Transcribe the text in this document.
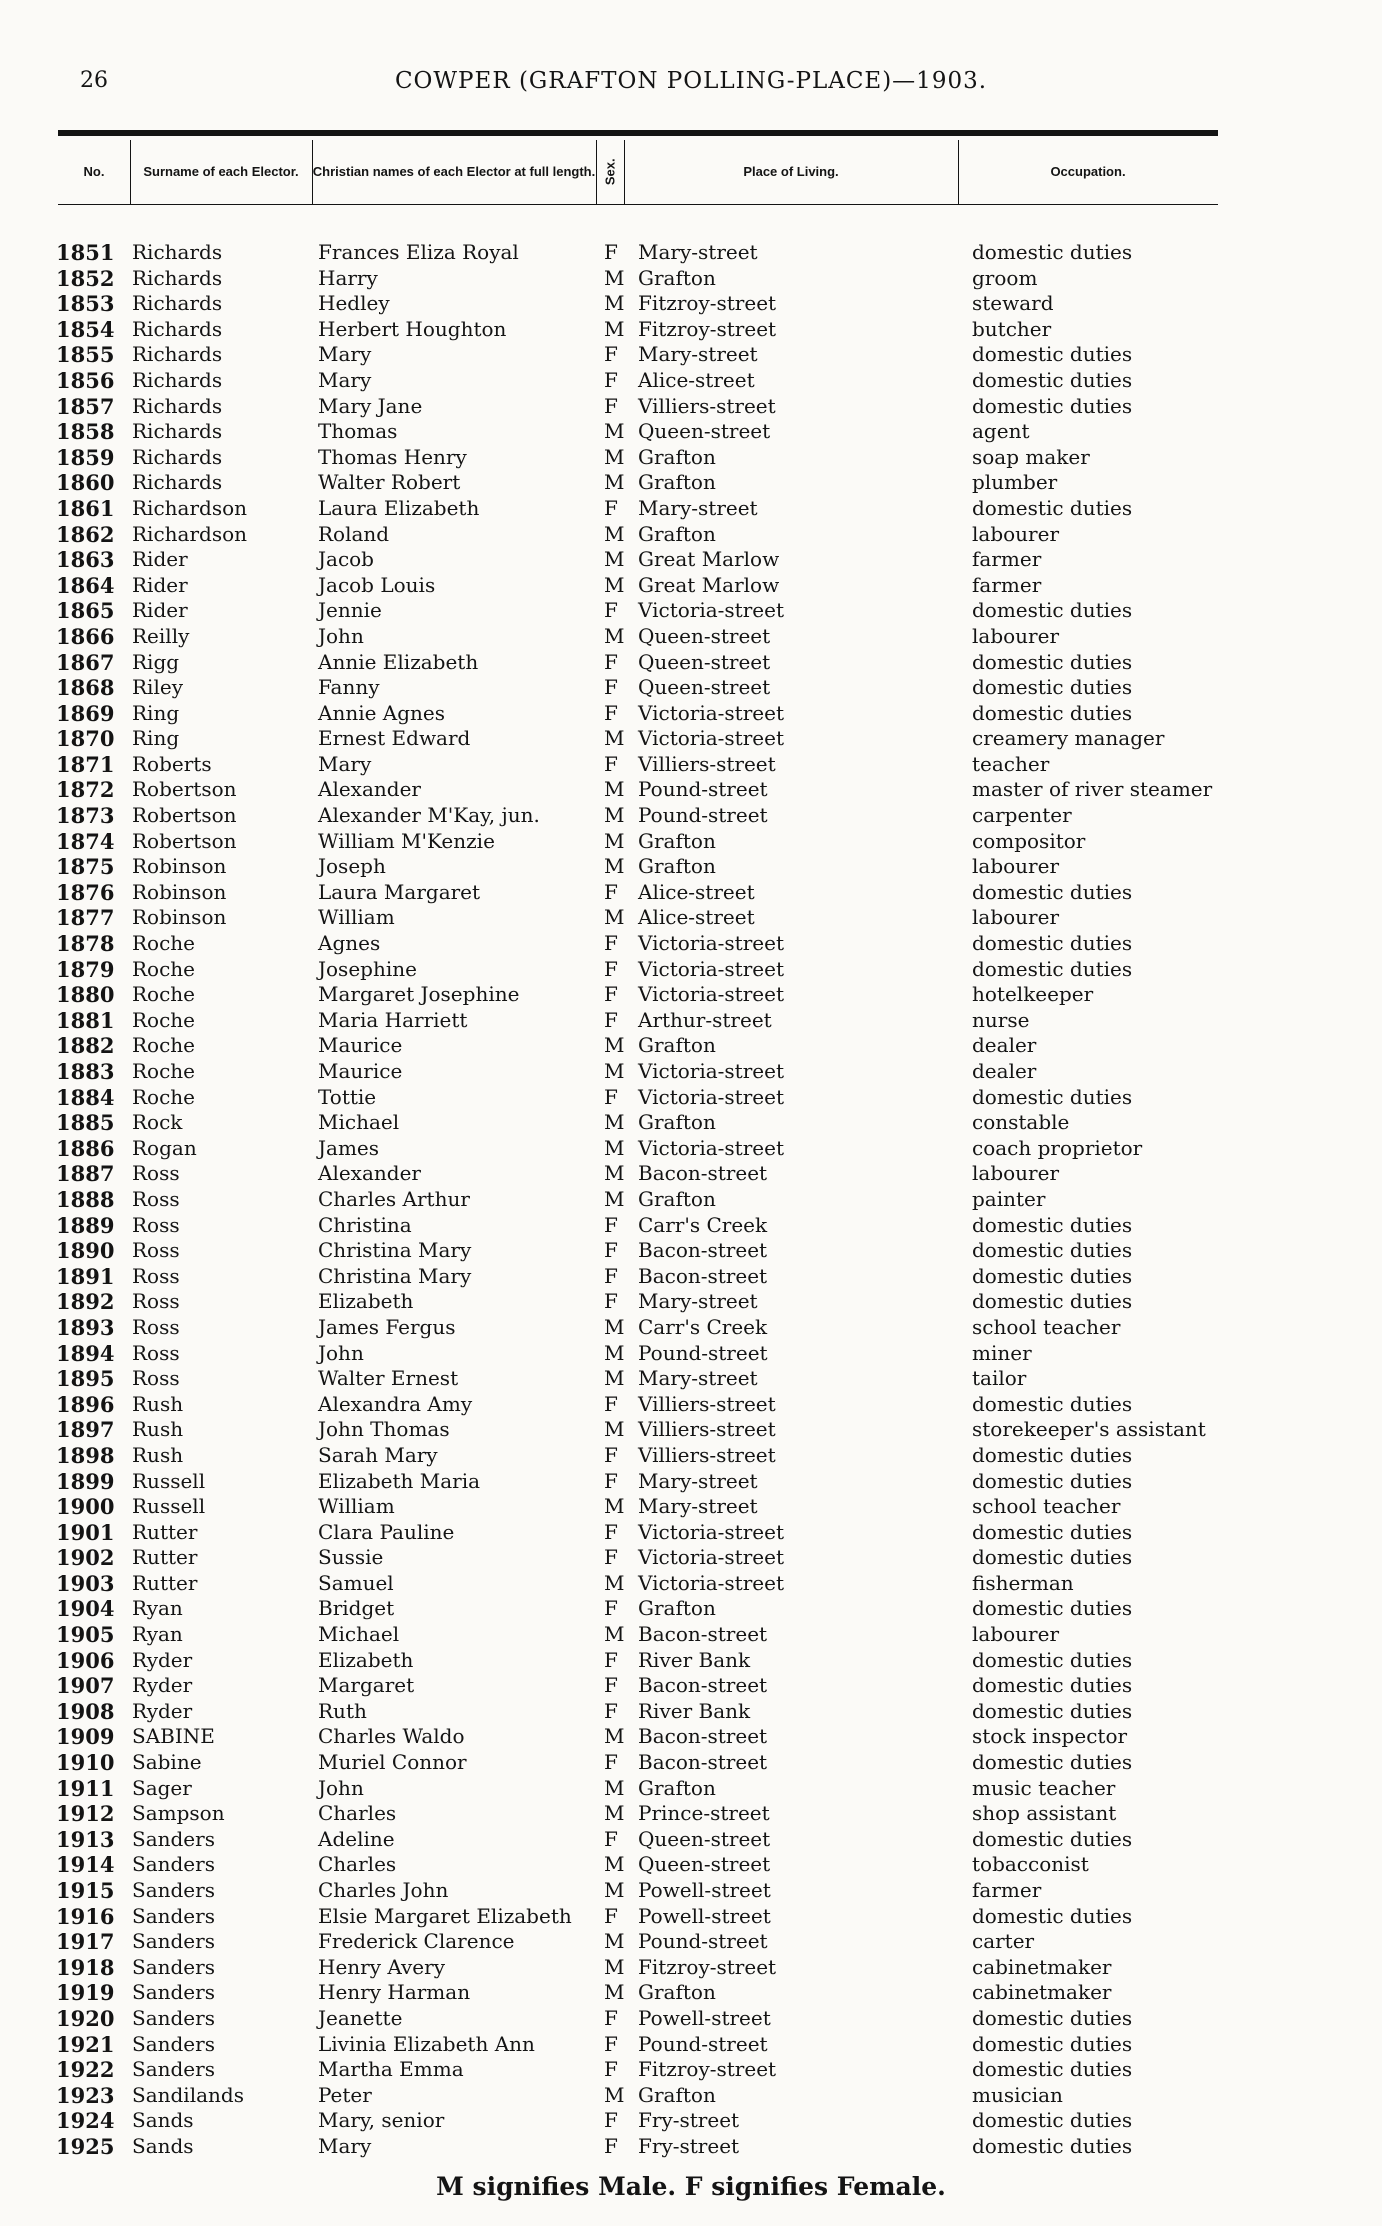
26	COWPER (GRAFTON POLLING-PLACE)—1903.
No.	Surname of each Elector.	Christian names of each Elector at full length. Sex.	Place of Living.	Occupation.
1851 Richards	Frances Eliza Royal	F Mary-street	domestic duties
1852 Richards	Harry	M Grafton	groom
1853 Richards	Hedley	M Fitzroy-street	steward
1854 Richards	Herbert Houghton	M Fitzroy-street	butcher
1855 Richards	Mary	F Mary-street	domestic duties
1856 Richards	Mary	F Alice-street	domestic duties
1857 Richards	Mary Jane	F Villiers-street	domestic duties
1858 Richards	Thomas	M Queen-street	agent
1859 Richards	Thomas Henry	M Grafton	soap maker
1860 Richards	Walter Robert	M Grafton	plumber
1861 Richardson	Laura Elizabeth	F Mary-street	domestic duties
1862 Richardson	Roland	M Grafton	labourer
1863 Rider	Jacob	M Great Marlow	farmer
1864 Rider	Jacob Louis	M Great Marlow	farmer
1865 Rider	Jennie	F Victoria-street	domestic duties
1866 Reilly	John	M Queen-street	labourer
1867 Rigg	Annie Elizabeth	F Queen-street	domestic duties
1868 Riley	Fanny	F Queen-street	domestic duties
1869 Ring	Annie Agnes	F Victoria-street	domestic duties
1870 Ring	Ernest Edward	M Victoria-street	creamery manager
1871 Roberts	Mary	F Villiers-street	teacher
1872 Robertson	Alexander	M Pound-street	master of river steamer
1873 Robertson	Alexander M'Kay, jun.	M Pound-street	carpenter
1874 Robertson	William M'Kenzie	M Grafton	compositor
1875 Robinson	Joseph	M Grafton	labourer
1876 Robinson	Laura Margaret	F Alice-street	domestic duties
1877 Robinson	William	M Alice-street	labourer
1878 Roche	Agnes	F Victoria-street	domestic duties
1879 Roche	Josephine	F Victoria-street	domestic duties
1880 Roche	Margaret Josephine	F Victoria-street	hotelkeeper
1881 Roche	Maria Harriett	F Arthur-street	nurse
1882 Roche	Maurice	M Grafton	dealer
1883 Roche	Maurice	M Victoria-street	dealer
1884 Roche	Tottie	F Victoria-street	domestic duties
1885 Rock	Michael	M Grafton	constable
1886 Rogan	James	M Victoria-street	coach proprietor
1887 Ross	Alexander	M Bacon-street	labourer
1888 Ross	Charles Arthur	M Grafton	painter
1889 Ross	Christina	F Carr's Creek	domestic duties
1890 Ross	Christina Mary	F Bacon-street	domestic duties
1891 Ross	Christina Mary	F Bacon-street	domestic duties
1892 Ross	Elizabeth	F Mary-street	domestic duties
1893 Ross	James Fergus	M Carr's Creek	school teacher
1894 Ross	John	M Pound-street	miner
1895 Ross	Walter Ernest	M Mary-street	tailor
1896 Rush	Alexandra Amy	F Villiers-street	domestic duties
1897 Rush	John Thomas	M Villiers-street	storekeeper's assistant
1898 Rush	Sarah Mary	F Villiers-street	domestic duties
1899 Russell	Elizabeth Maria	F Mary-street	domestic duties
1900 Russell	William	M Mary-street	school teacher
1901 Rutter	Clara Pauline	F Victoria-street	domestic duties
1902 Rutter	Sussie	F Victoria-street	domestic duties
1903 Rutter	Samuel	M Victoria-street	fisherman
1904 Ryan	Bridget	F Grafton	domestic duties
1905 Ryan	Michael	M Bacon-street	labourer
1906 Ryder	Elizabeth	F River Bank	domestic duties
1907 Ryder	Margaret	F Bacon-street	domestic duties
1908 Ryder	Ruth	F River Bank	domestic duties
1909 SABINE	Charles Waldo	M Bacon-street	stock inspector
1910 Sabine	Muriel Connor	F Bacon-street	domestic duties
1911 Sager	John	M Grafton	music teacher
1912 Sampson	Charles	M Prince-street	shop assistant
1913 Sanders	Adeline	F Queen-street	domestic duties
1914 Sanders	Charles	M Queen-street	tobacconist
1915 Sanders	Charles John	M Powell-street	farmer
1916 Sanders	Elsie Margaret Elizabeth F Powell-street	domestic duties
1917 Sanders	Frederick Clarence	M Pound-street	carter
1918 Sanders	Henry Avery	M Fitzroy-street	cabinetmaker
1919 Sanders	Henry Harman	M Grafton	cabinetmaker
1920 Sanders	Jeanette	F Powell-street	domestic duties
1921 Sanders	Livinia Elizabeth Ann	F Pound-street	domestic duties
1922 Sanders	Martha Emma	F Fitzroy-street	domestic duties
1923 Sandilands	Peter	M Grafton	musician
1924 Sands	Mary, senior	F Fry-street	domestic duties
1925 Sands	Mary	F Fry-street	domestic duties
M signifies Male. F signifies Female.
